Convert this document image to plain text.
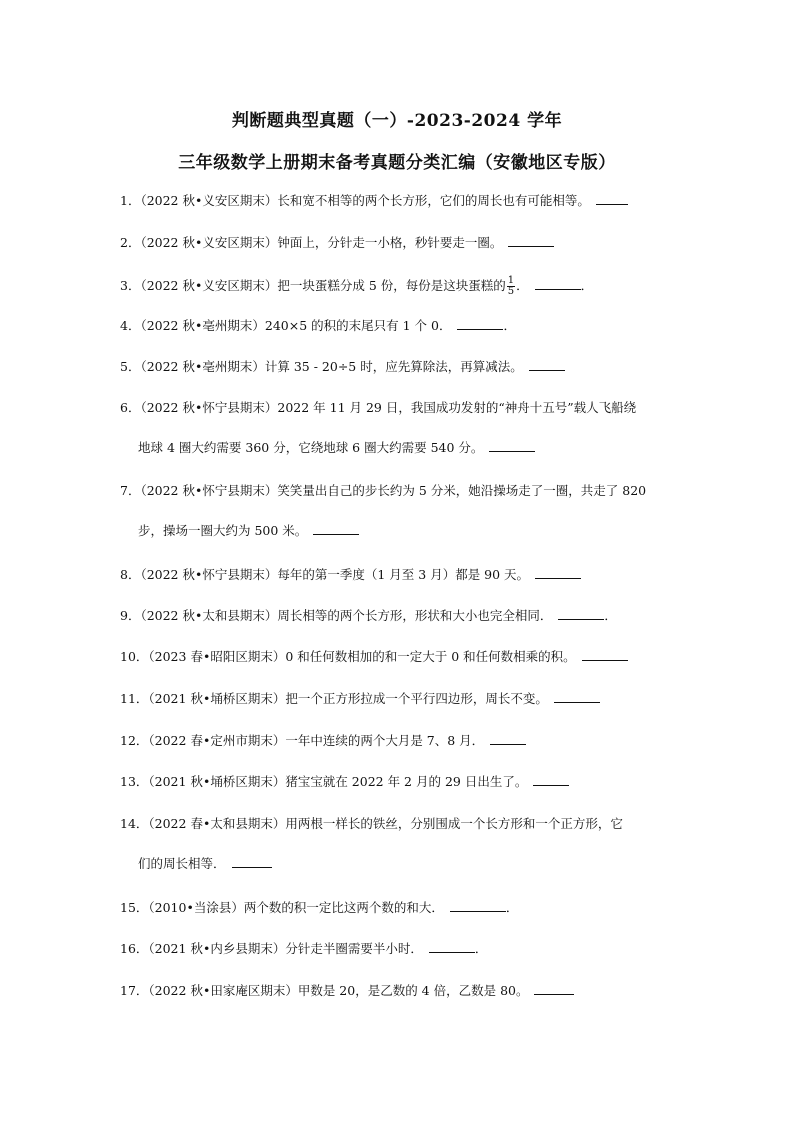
判断题典型真题（一）-2023-2024 学年
三年级数学上册期末备考真题分类汇编（安徽地区专版）
1．（2022 秋•义安区期末）长和宽不相等的两个长方形，它们的周长也有可能相等。
2．（2022 秋•义安区期末）钟面上，分针走一小格，秒针要走一圈。
3．（2022 秋•义安区期末）把一块蛋糕分成 5 份，每份是这块蛋糕的 $\frac{1}{5}$ ．	．
4．（2022 秋•亳州期末）240×5 的积的末尾只有 1 个 0．	．
5．（2022 秋•亳州期末）计算 35 - 20÷5 时，应先算除法，再算减法。
6．（2022 秋•怀宁县期末）2022 年 11 月 29 日，我国成功发射的“神舟十五号”载人飞船绕
地球 4 圈大约需要 360 分，它绕地球 6 圈大约需要 540 分。
7．（2022 秋•怀宁县期末）笑笑量出自己的步长约为 5 分米，她沿操场走了一圈，共走了 820
步，操场一圈大约为 500 米。
8．（2022 秋•怀宁县期末）每年的第一季度（1 月至 3 月）都是 90 天。
9．（2022 秋•太和县期末）周长相等的两个长方形，形状和大小也完全相同．	．
10．（2023 春•昭阳区期末）0 和任何数相加的和一定大于 0 和任何数相乘的积。
11．（2021 秋•埇桥区期末）把一个正方形拉成一个平行四边形，周长不变。
12．（2022 春•定州市期末）一年中连续的两个大月是 7、8 月．
13．（2021 秋•埇桥区期末）猪宝宝就在 2022 年 2 月的 29 日出生了。
14．（2022 春•太和县期末）用两根一样长的铁丝，分别围成一个长方形和一个正方形，它
们的周长相等．
15．（2010•当涂县）两个数的积一定比这两个数的和大．	．
16．（2021 秋•内乡县期末）分针走半圈需要半小时．	．
17．（2022 秋•田家庵区期末）甲数是 20，是乙数的 4 倍，乙数是 80。
